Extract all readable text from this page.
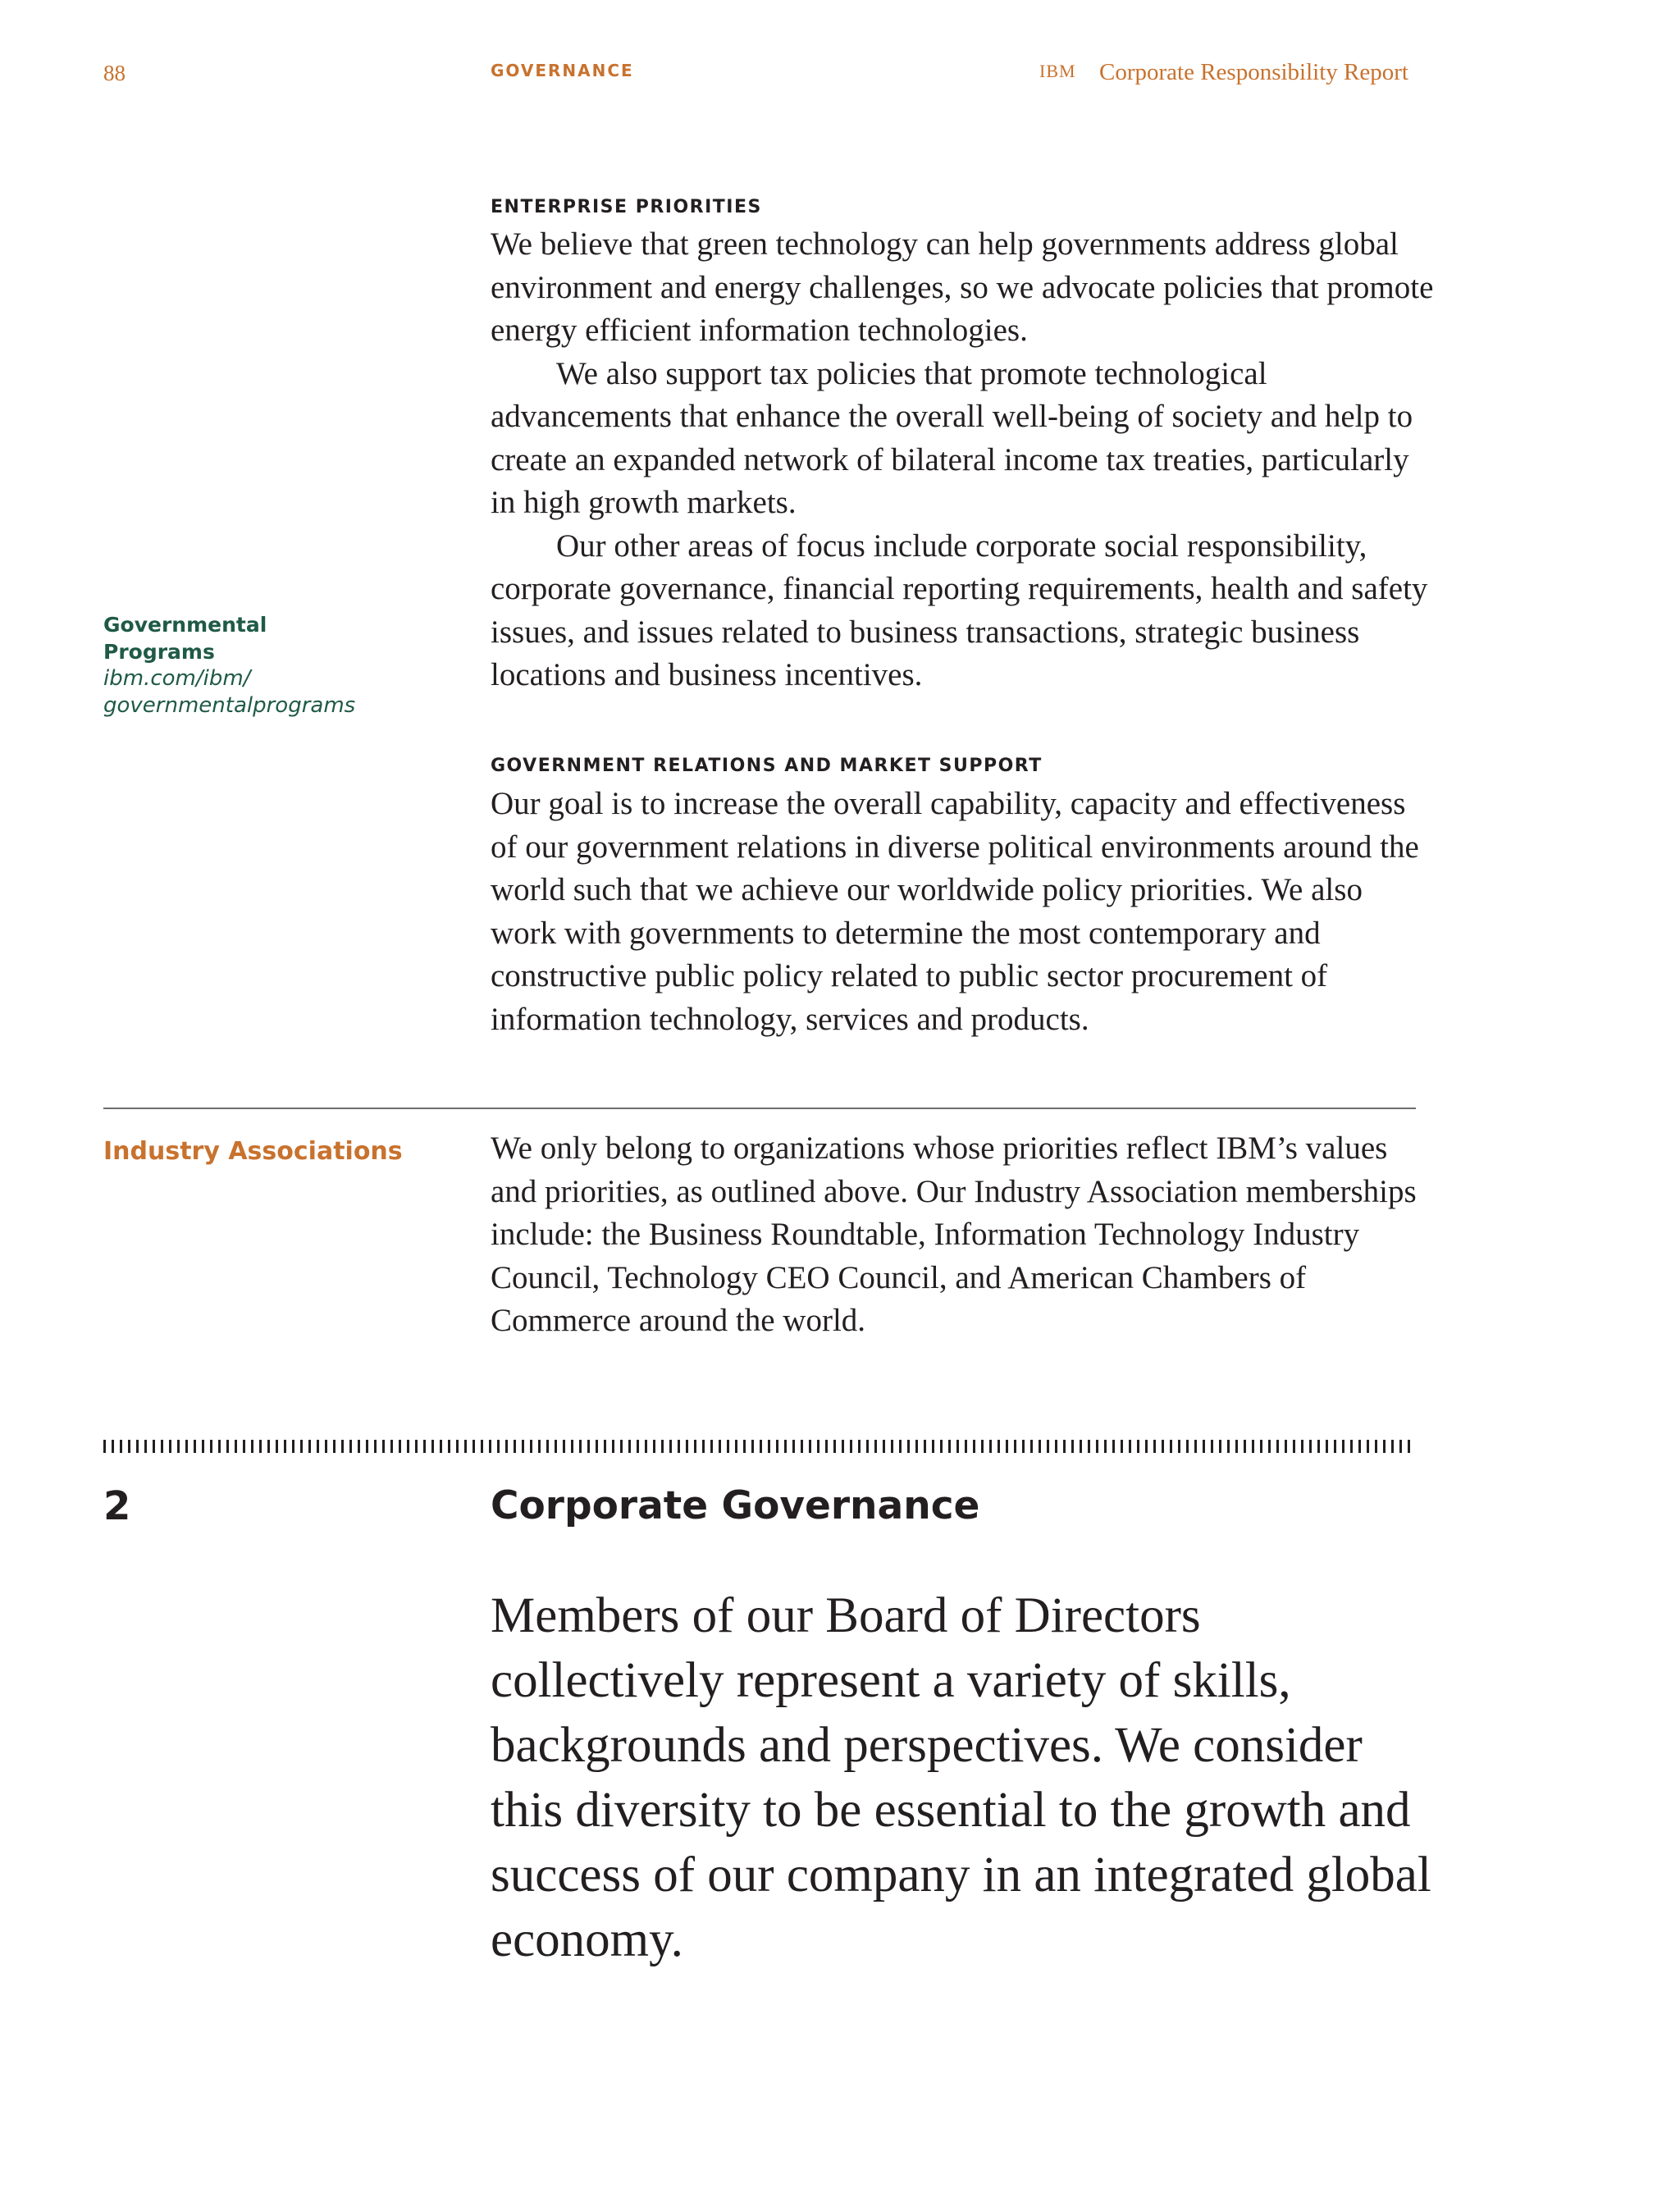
88	GOVERNANCE	IBM Corporate Responsibility Report
ENTERPRISE PRIORITIES

We believe that green technology can help governments address global environment and energy challenges, so we advocate policies that promote energy efficient information technologies.

We also support tax policies that promote technological advancements that enhance the overall well-being of society and help to create an expanded network of bilateral income tax treaties, particularly in high growth markets.

Our other areas of focus include corporate social responsibility, corporate governance, financial reporting requirements, health and safety issues, and issues related to business transactions, strategic business locations and business incentives.

Governmental Programs
ibm.com/ibm/
governmentalprograms
GOVERNMENT RELATIONS AND MARKET SUPPORT

Our goal is to increase the overall capability, capacity and effectiveness of our government relations in diverse political environments around the world such that we achieve our worldwide policy priorities. We also work with governments to determine the most contemporary and constructive public policy related to public sector procurement of information technology, services and products.

Industry Associations	We only belong to organizations whose priorities reflect IBM’s values and priorities, as outlined above. Our Industry Association memberships include: the Business Roundtable, Information Technology Industry Council, Technology CEO Council, and American Chambers of Commerce around the world.

2	Corporate Governance
Members of our Board of Directors collectively represent a variety of skills, backgrounds and perspectives. We consider this diversity to be essential to the growth and success of our company in an integrated global economy.
